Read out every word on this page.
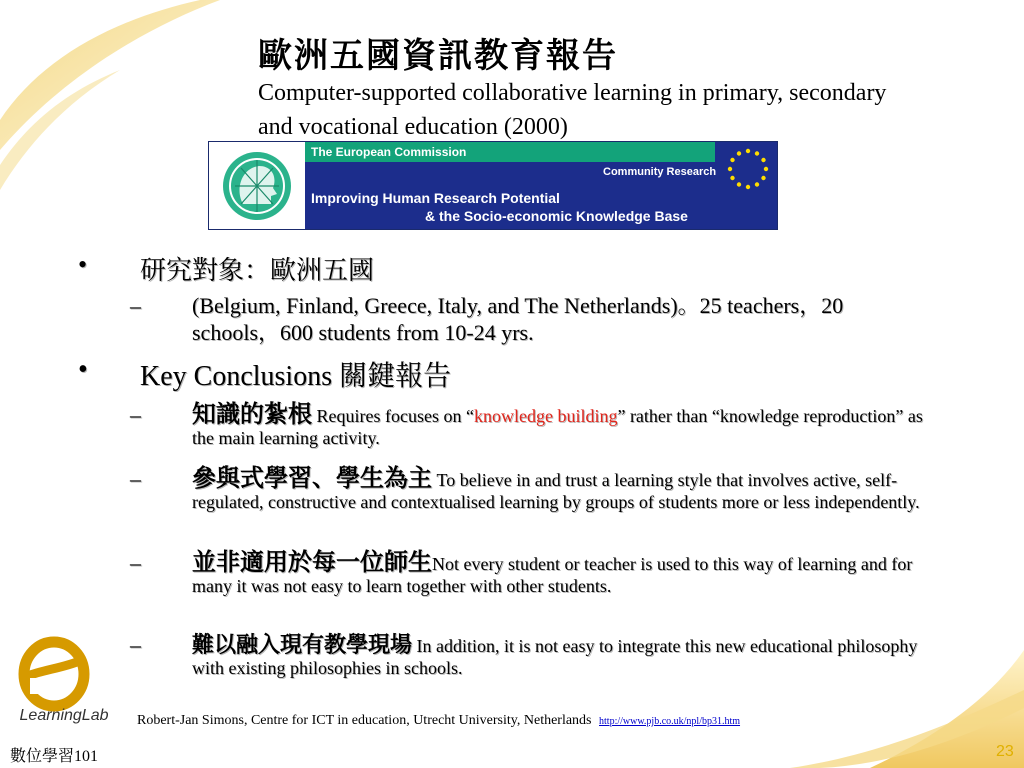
歐洲五國資訊教育報告
Computer-supported collaborative learning in primary, secondary and vocational education (2000)
The European Commission
Community Research
Improving Human Research Potential
& the Socio-economic Knowledge Base
• 研究對象：歐洲五國
– (Belgium, Finland, Greece, Italy, and The Netherlands)。25 teachers，20 schools，600 students from 10-24 yrs.
• Key Conclusions 關鍵報告
– 知識的紮根 Requires focuses on “knowledge building” rather than “knowledge reproduction” as the main learning activity.
– 參與式學習、學生為主 To believe in and trust a learning style that involves active, self-regulated, constructive and contextualised learning by groups of students more or less independently.
– 並非適用於每一位師生Not every student or teacher is used to this way of learning and for many it was not easy to learn together with other students.
– 難以融入現有教學現場 In addition, it is not easy to integrate this new educational philosophy with existing philosophies in schools.
LearningLab Robert-Jan Simons, Centre for ICT in education, Utrecht University, Netherlands http://www.pjb.co.uk/npl/bp31.htm
數位學習101	23
